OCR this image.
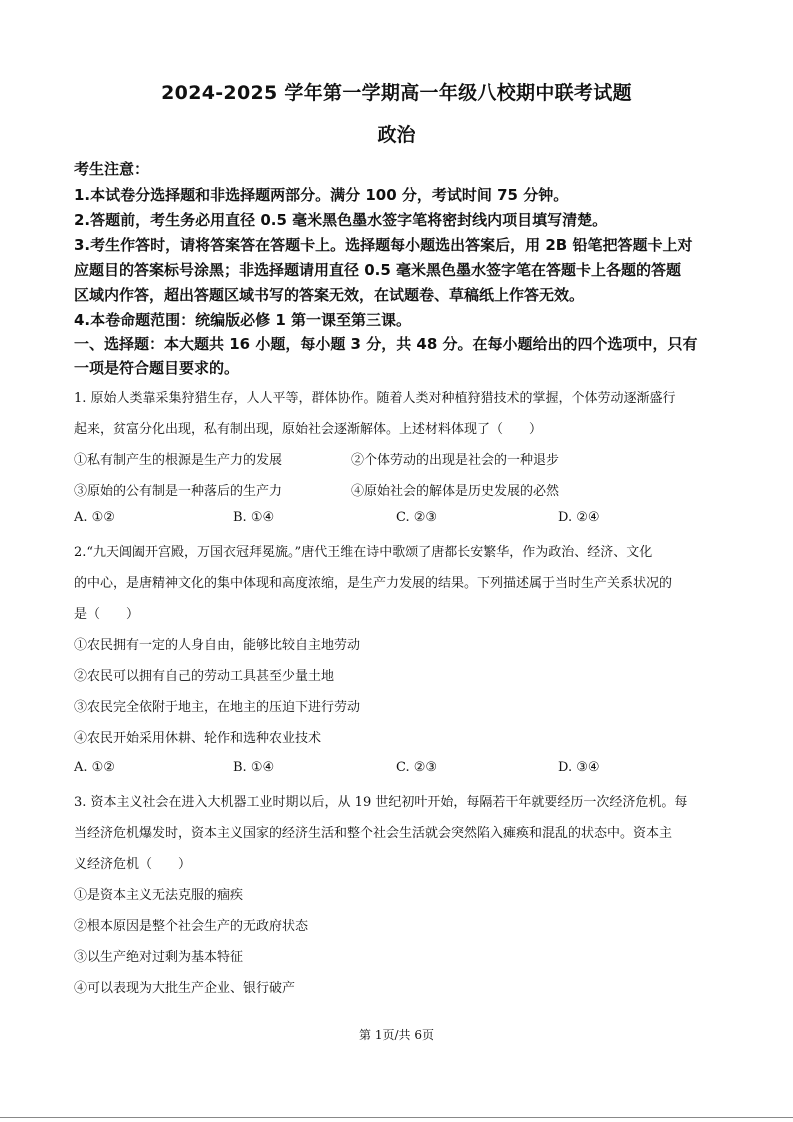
2024-2025 学年第一学期高一年级八校期中联考试题
政治
考生注意：
1.本试卷分选择题和非选择题两部分。满分 100 分，考试时间 75 分钟。
2.答题前，考生务必用直径 0.5 毫米黑色墨水签字笔将密封线内项目填写清楚。
3.考生作答时，请将答案答在答题卡上。选择题每小题选出答案后，用 2B 铅笔把答题卡上对
应题目的答案标号涂黑；非选择题请用直径 0.5 毫米黑色墨水签字笔在答题卡上各题的答题
区域内作答，超出答题区域书写的答案无效，在试题卷、草稿纸上作答无效。
4.本卷命题范围：统编版必修 1 第一课至第三课。
一、选择题：本大题共 16 小题，每小题 3 分，共 48 分。在每小题给出的四个选项中，只有
一项是符合题目要求的。
1. 原始人类靠采集狩猎生存，人人平等，群体协作。随着人类对种植狩猎技术的掌握，个体劳动逐渐盛行
起来，贫富分化出现，私有制出现，原始社会逐渐解体。上述材料体现了（　　）
①私有制产生的根源是生产力的发展	②个体劳动的出现是社会的一种退步
③原始的公有制是一种落后的生产力	④原始社会的解体是历史发展的必然
A. ①②	B. ①④	C. ②③	D. ②④
2.“九天阊阖开宫殿，万国衣冠拜冕旒。”唐代王维在诗中歌颂了唐都长安繁华，作为政治、经济、文化
的中心，是唐精神文化的集中体现和高度浓缩，是生产力发展的结果。下列描述属于当时生产关系状况的
是（　　）
①农民拥有一定的人身自由，能够比较自主地劳动
②农民可以拥有自己的劳动工具甚至少量土地
③农民完全依附于地主，在地主的压迫下进行劳动
④农民开始采用休耕、轮作和选种农业技术
A. ①②	B. ①④	C. ②③	D. ③④
3. 资本主义社会在进入大机器工业时期以后，从 19 世纪初叶开始，每隔若干年就要经历一次经济危机。每
当经济危机爆发时，资本主义国家的经济生活和整个社会生活就会突然陷入瘫痪和混乱的状态中。资本主
义经济危机（　　）
①是资本主义无法克服的痼疾
②根本原因是整个社会生产的无政府状态
③以生产绝对过剩为基本特征
④可以表现为大批生产企业、银行破产
第 1页/共 6页
